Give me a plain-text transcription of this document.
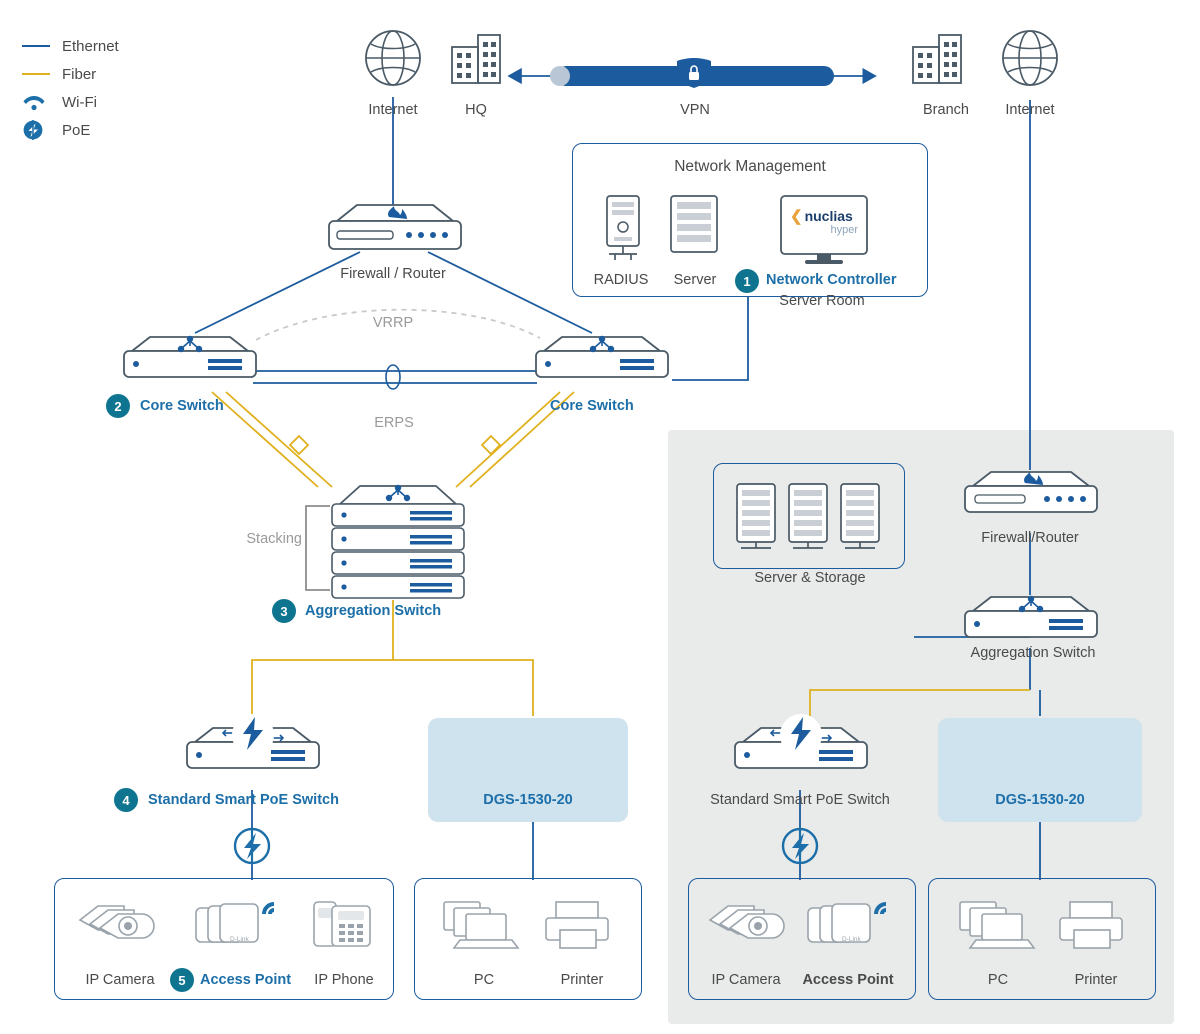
Ethernet
Fiber
Wi-Fi
PoE
❮ nuclias
hyper
Internet	HQ	VPN	Branch	Internet
Network Management
RADIUS	Server	1	Network Controller
Server Room
Firewall / Router
2	Core Switch	Core Switch
VRRP
ERPS
Stacking
3	Aggregation Switch
4	Standard Smart PoE Switch	DGS-1530-20
IP Camera	5 Access Point	IP Phone	PC	Printer
D-Link
Server & Storage
Firewall/Router
Aggregation Switch
Standard Smart PoE Switch	DGS-1530-20
IP Camera	Access Point	PC	Printer
D-Link
